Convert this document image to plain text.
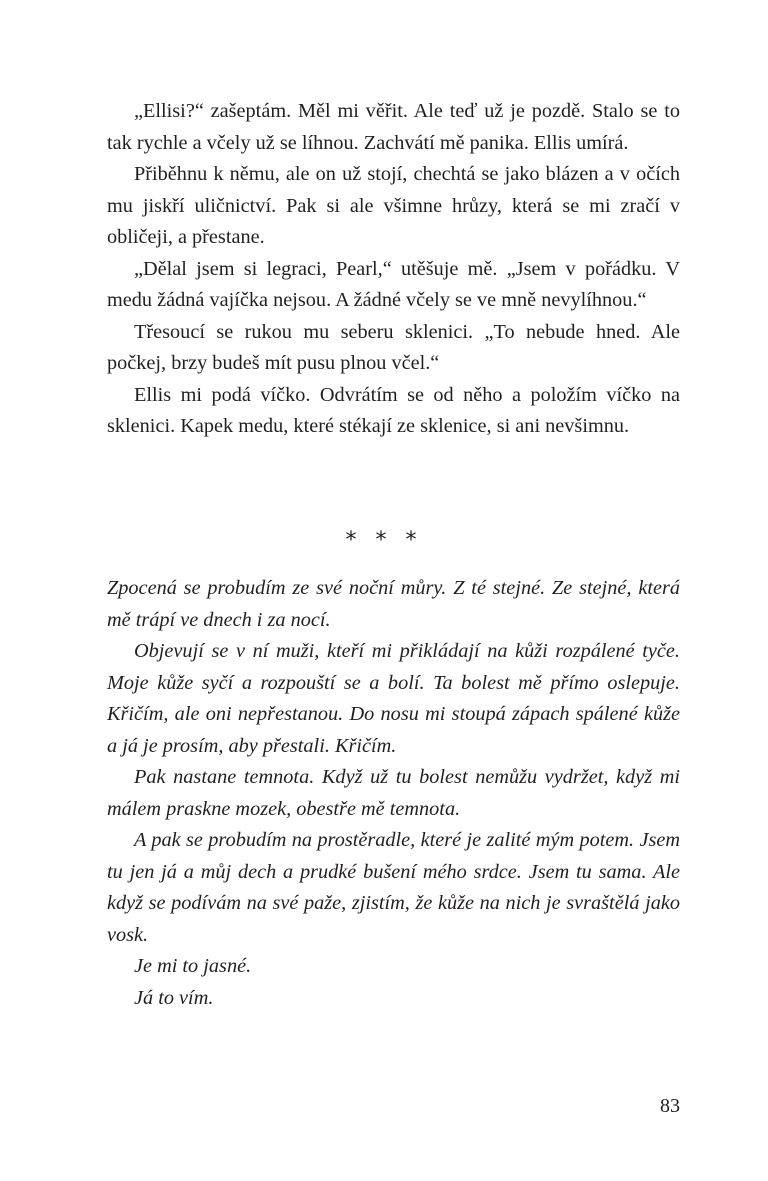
„Ellisi?“ zašeptám. Měl mi věřit. Ale teď už je pozdě. Stalo se to tak rychle a včely už se líhnou. Zachvátí mě panika. Ellis umírá.

Přiběhnu k němu, ale on už stojí, chechtá se jako blázen a v očích mu jiskří uličnictví. Pak si ale všimne hrůzy, která se mi zračí v obličeji, a přestane.

„Dělal jsem si legraci, Pearl,“ utěšuje mě. „Jsem v pořádku. V medu žádná vajíčka nejsou. A žádné včely se ve mně nevylíhnou.“

Třesoucí se rukou mu seberu sklenici. „To nebude hned. Ale počkej, brzy budeš mít pusu plnou včel.“

Ellis mi podá víčko. Odvrátím se od něho a položím víčko na sklenici. Kapek medu, které stékají ze sklenice, si ani nevšimnu.

⁎ ⁎ ⁎

Zpocená se probudím ze své noční můry. Z té stejné. Ze stejné, která mě trápí ve dnech i za nocí.

Objevují se v ní muži, kteří mi přikládají na kůži rozpálené tyče. Moje kůže syčí a rozpouští se a bolí. Ta bolest mě přímo oslepuje. Křičím, ale oni nepřestanou. Do nosu mi stoupá zápach spálené kůže a já je prosím, aby přestali. Křičím.

Pak nastane temnota. Když už tu bolest nemůžu vydržet, když mi málem praskne mozek, obestře mě temnota.

A pak se probudím na prostěradle, které je zalité mým potem. Jsem tu jen já a můj dech a prudké bušení mého srdce. Jsem tu sama. Ale když se podívám na své paže, zjistím, že kůže na nich je svraštělá jako vosk.

Je mi to jasné.

Já to vím.

83
